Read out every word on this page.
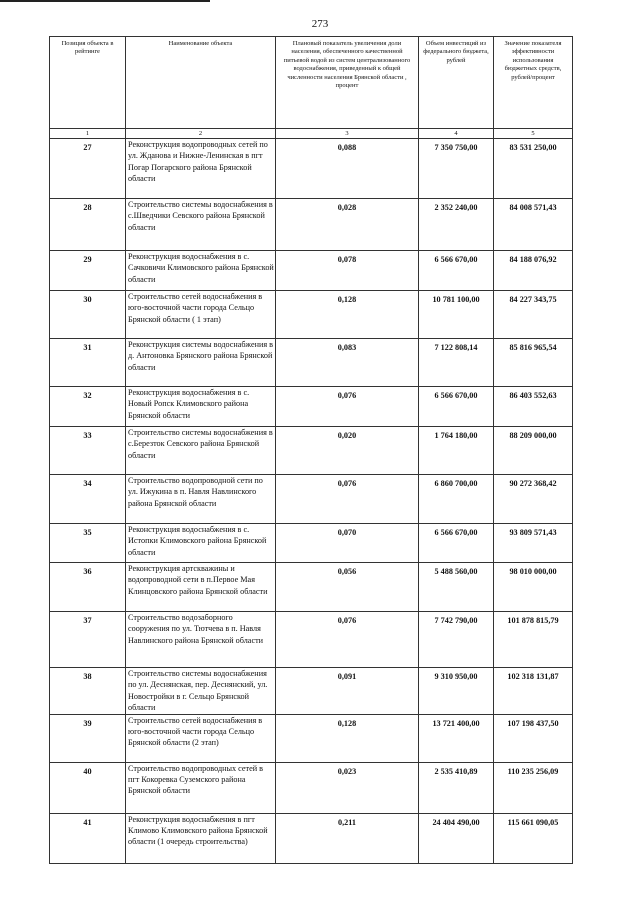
273
Позиция объекта в рейтинге	Наименование объекта	Плановый показатель увеличения доли населения, обеспеченного качественной питьевой водой из систем централизованного водоснабжения, приведенный к общей численности населения Брянской области , процент	Объем инвестиций из федерального бюджета, рублей	Значение показателя эффективности использования бюджетных средств, рублей/процент
1	2	3	4	5
27	Реконструкция водопроводных сетей по ул. Жданова и Нижне-Ленинская в пгт Погар Погарского района Брянской области	0,088	7 350 750,00	83 531 250,00
28	Строительство системы водоснабжения в с.Шведчики Севского района Брянской области	0,028	2 352 240,00	84 008 571,43
29	Реконструкция водоснабжения в с. Сачковичи Климовского района Брянской области	0,078	6 566 670,00	84 188 076,92
30	Строительство сетей водоснабжения в юго-восточной части города Сельцо Брянской области ( 1 этап)	0,128	10 781 100,00	84 227 343,75
31	Реконструкция системы водоснабжения в д. Антоновка Брянского района Брянской области	0,083	7 122 808,14	85 816 965,54
32	Реконструкция водоснабжения в с. Новый Ропск Климовского района Брянской области	0,076	6 566 670,00	86 403 552,63
33	Строительство системы водоснабжения в с.Березток Севского района Брянской области	0,020	1 764 180,00	88 209 000,00
34	Строительство водопроводной сети по ул. Ижукина в п. Навля Навлинского района Брянской области	0,076	6 860 700,00	90 272 368,42
35	Реконструкция водоснабжения в с. Истопки Климовского района Брянской области	0,070	6 566 670,00	93 809 571,43
36	Реконструкция артскважины и водопроводной сети в п.Первое Мая Клинцовского района Брянской области	0,056	5 488 560,00	98 010 000,00
37	Строительство водозаборного сооружения по ул. Тютчева в п. Навля Навлинского района Брянской области	0,076	7 742 790,00	101 878 815,79
38	Строительство системы водоснабжения по ул. Деснянская, пер. Деснянский, ул. Новостройки в г. Сельцо Брянской области	0,091	9 310 950,00	102 318 131,87
39	Строительство сетей водоснабжения в юго-восточной части города Сельцо Брянской области (2 этап)	0,128	13 721 400,00	107 198 437,50
40	Строительство водопроводных сетей в пгт Кокоревка Суземского района Брянской области	0,023	2 535 410,89	110 235 256,09
41	Реконструкция водоснабжения в пгт Климово Климовского района Брянской области (1 очередь строительства)	0,211	24 404 490,00	115 661 090,05
